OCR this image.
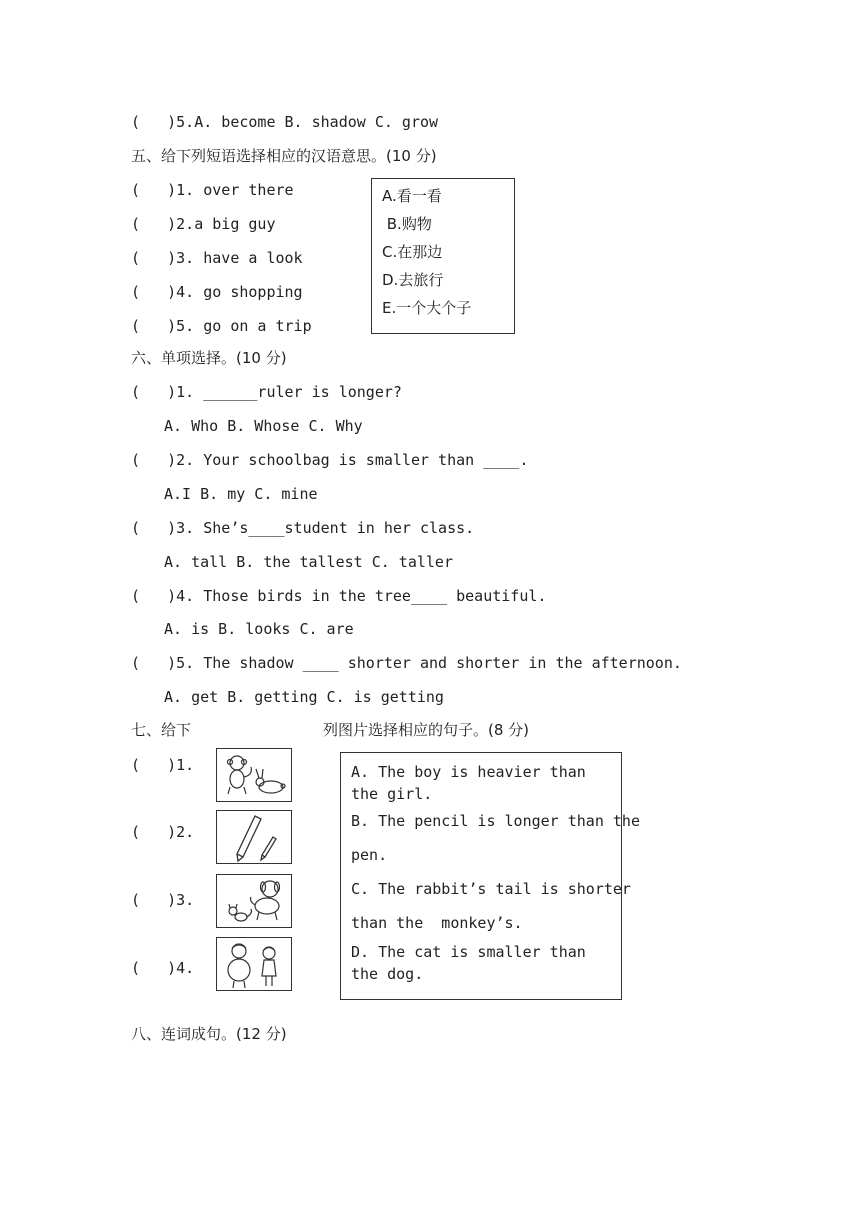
(   )5.A. become B. shadow C. grow
五、给下列短语选择相应的汉语意思。(10 分)
(   )1. over there
(   )2.a big guy
(   )3. have a look
(   )4. go shopping
(   )5. go on a trip
A.看一看
B.购物
C.在那边
D.去旅行
E.一个大个子
六、单项选择。(10 分)
(   )1. ______ruler is longer?
A. Who B. Whose C. Why
(   )2. Your schoolbag is smaller than ____.
A.I B. my C. mine
(   )3. She’s____student in her class.
A. tall B. the tallest C. taller
(   )4. Those birds in the tree____ beautiful.
A. is B. looks C. are
(   )5. The shadow ____ shorter and shorter in the afternoon.
A. get B. getting C. is getting
七、给下	列图片选择相应的句子。(8 分)
(   )1.
(   )2.
(   )3.
(   )4.
A. The boy is heavier than the girl.
B. The pencil is longer than the
pen.
C. The rabbit’s tail is shorter
than the  monkey’s.
D. The cat is smaller than the dog.
八、连词成句。(12 分)
